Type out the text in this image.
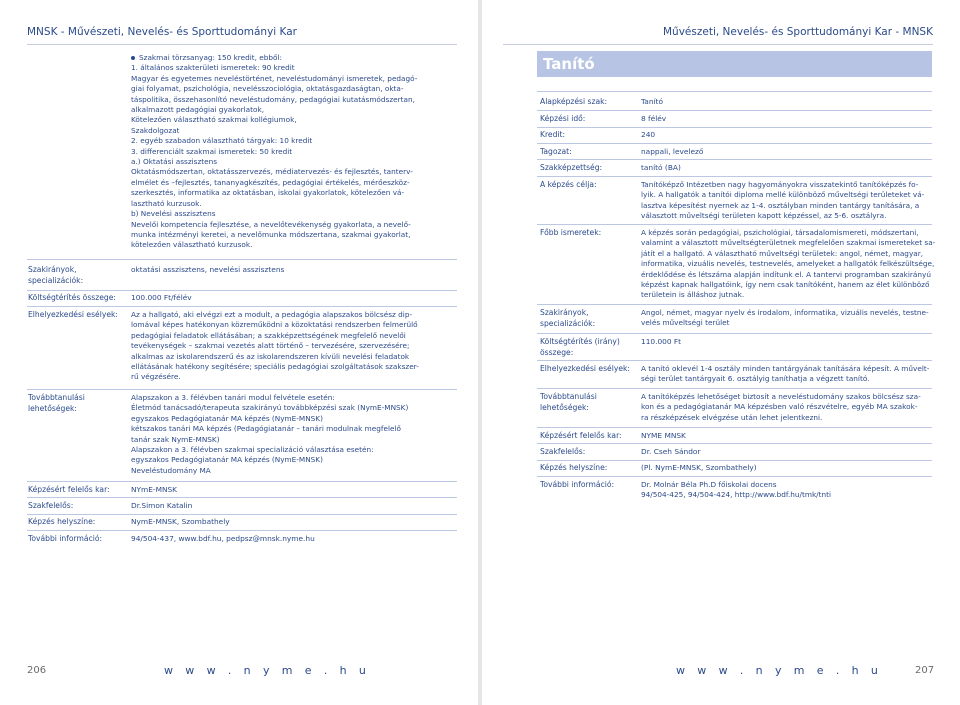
MNSK - Művészeti, Nevelés- és Sporttudományi Kar	Művészeti, Nevelés- és Sporttudományi Kar - MNSK
Szakmai törzsanyag: 150 kredit, ebből:
1. általános szakterületi ismeretek: 90 kredit
Magyar és egyetemes neveléstörténet, neveléstudományi ismeretek, pedagó-
giai folyamat, pszichológia, nevelésszociológia, oktatásgazdaságtan, okta-
táspolitika, összehasonlító neveléstudomány, pedagógiai kutatásmódszertan,
alkalmazott pedagógiai gyakorlatok,
Kötelezően választható szakmai kollégiumok,
Szakdolgozat
2. egyéb szabadon választható tárgyak: 10 kredit
3. differenciált szakmai ismeretek: 50 kredit
a.) Oktatási asszisztens
Oktatásmódszertan, oktatásszervezés, médiatervezés- és fejlesztés, tanterv-
elmélet és –fejlesztés, tananyagkészítés, pedagógiai értékelés, mérőeszköz-
szerkesztés, informatika az oktatásban, iskolai gyakorlatok, kötelezően vá-
lasztható kurzusok.
b) Nevelési asszisztens
Nevelői kompetencia fejlesztése, a nevelőtevékenység gyakorlata, a nevelő-
munka intézményi keretei, a nevelőmunka módszertana, szakmai gyakorlat,
kötelezően választható kurzusok.
Szakirányok,
specializációk:
oktatási asszisztens, nevelési asszisztens
Költségtérítés összege: 100.000 Ft/félév
Elhelyezkedési esélyek: Az a hallgató, aki elvégzi ezt a modult, a pedagógia alapszakos bölcsész dip-
lomával képes hatékonyan közreműködni a közoktatási rendszerben felmerülő
pedagógiai feladatok ellátásában; a szakképzettségének megfelelő nevelői
tevékenységek – szakmai vezetés alatt történő – tervezésére, szervezésére;
alkalmas az iskolarendszerű és az iskolarendszeren kívüli nevelési feladatok
ellátásának hatékony segítésére; speciális pedagógiai szolgáltatások szakszer-
rű végzésére.
Továbbtanulási
lehetőségek:
Alapszakon a 3. félévben tanári modul felvétele esetén:
Életmód tanácsadó/terapeuta szakirányú továbbképzési szak (NymE-MNSK)
egyszakos Pedagógiatanár MA képzés (NymE-MNSK)
kétszakos tanári MA képzés (Pedagógiatanár – tanári modulnak megfelelő
tanár szak NymE-MNSK)
Alapszakon a 3. félévben szakmai specializáció választása esetén:
egyszakos Pedagógiatanár MA képzés (NymE-MNSK)
Neveléstudomány MA
Képzésért felelős kar:	NYmE-MNSK
Szakfelelős:	Dr.Simon Katalin
Képzés helyszíne:	NymE-MNSK, Szombathely
További információ:	94/504-437, www.bdf.hu, pedpsz@mnsk.nyme.hu
Tanító
Alapképzési szak:	Tanító
Képzési idő:	8 félév
Kredit:	240
Tagozat:	nappali, levelező
Szakképzettség:	tanító (BA)
A képzés célja:	Tanítóképző Intézetben nagy hagyományokra visszatekintő tanítóképzés fo-
lyik. A hallgatók a tanítói diploma mellé különböző műveltségi területeket vá-
lasztva képesítést nyernek az 1-4. osztályban minden tantárgy tanítására, a
választott műveltségi területen kapott képzéssel, az 5-6. osztályra.
Főbb ismeretek:	A képzés során pedagógiai, pszichológiai, társadalomismereti, módszertani,
valamint a választott műveltségterületnek megfelelően szakmai ismereteket sa-
játít el a hallgató. A választható műveltségi területek: angol, német, magyar,
informatika, vizuális nevelés, testnevelés, amelyeket a hallgatók felkészültsége,
érdeklődése és létszáma alapján indítunk el. A tantervi programban szakirányú
képzést kapnak hallgatóink, így nem csak tanítóként, hanem az élet különböző
területein is álláshoz jutnak.
Szakirányok,
specializációk:
Angol, német, magyar nyelv és irodalom, informatika, vizuális nevelés, testne-
velés műveltségi terület
Költségtérítés (irány)
összege:
110.000 Ft
Elhelyezkedési esélyek: A tanító oklevél 1-4 osztály minden tantárgyának tanítására képesít. A művelt-
ségi terület tantárgyait 6. osztályig taníthatja a végzett tanító.
Továbbtanulási
lehetőségek:
A tanítóképzés lehetőséget biztosít a neveléstudomány szakos bölcsész sza-
kon és a pedagógiatanár MA képzésben való részvételre, egyéb MA szakok-
ra részképzések elvégzése után lehet jelentkezni.
Képzésért felelős kar:	NYME MNSK
Szakfelelős:	Dr. Cseh Sándor
Képzés helyszíne:	(Pl. NymE-MNSK, Szombathely)
További információ:	Dr. Molnár Béla Ph.D főiskolai docens
94/504-425, 94/504-424, http://www.bdf.hu/tmk/tnti
206	w w w . n y m e . h u	w w w . n y m e . h u	207
